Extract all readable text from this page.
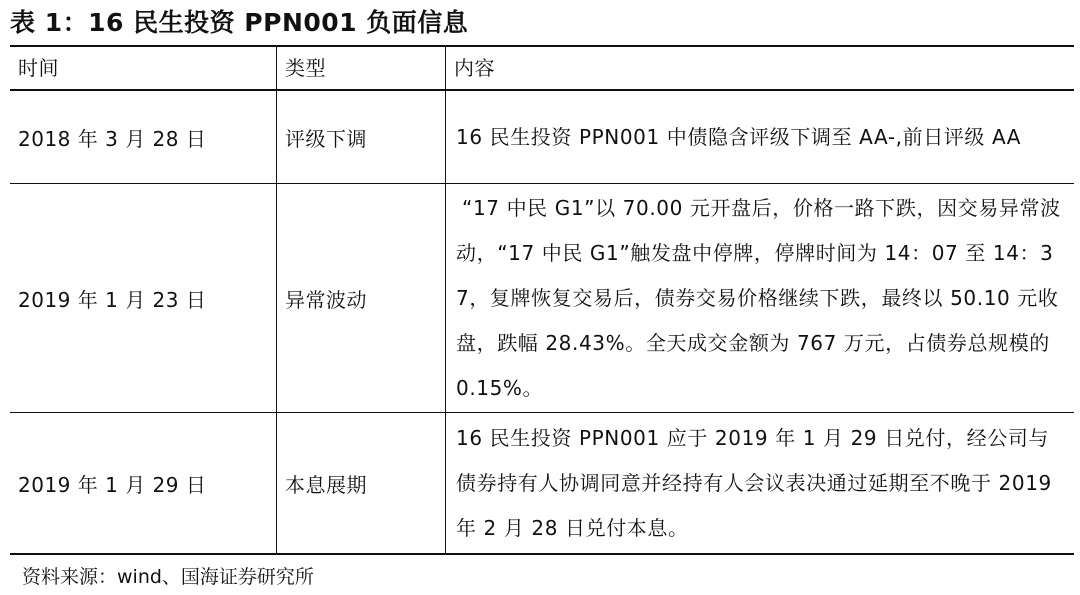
表 1：16 民生投资 PPN001 负面信息
时间	类型	内容
2018 年 3 月 28 日	评级下调	16 民生投资 PPN001 中债隐含评级下调至 AA-,前日评级 AA
2019 年 1 月 23 日	异常波动	“17 中民 G1”以 70.00 元开盘后，价格一路下跌，因交易异常波动，“17 中民 G1”触发盘中停牌，停牌时间为 14：07 至 14：37，复牌恢复交易后，债券交易价格继续下跌，最终以 50.10 元收盘，跌幅 28.43%。全天成交金额为 767 万元，占债券总规模的 0.15%。
2019 年 1 月 29 日	本息展期	16 民生投资 PPN001 应于 2019 年 1 月 29 日兑付，经公司与债券持有人协调同意并经持有人会议表决通过延期至不晚于 2019 年 2 月 28 日兑付本息。
资料来源：wind、国海证券研究所
